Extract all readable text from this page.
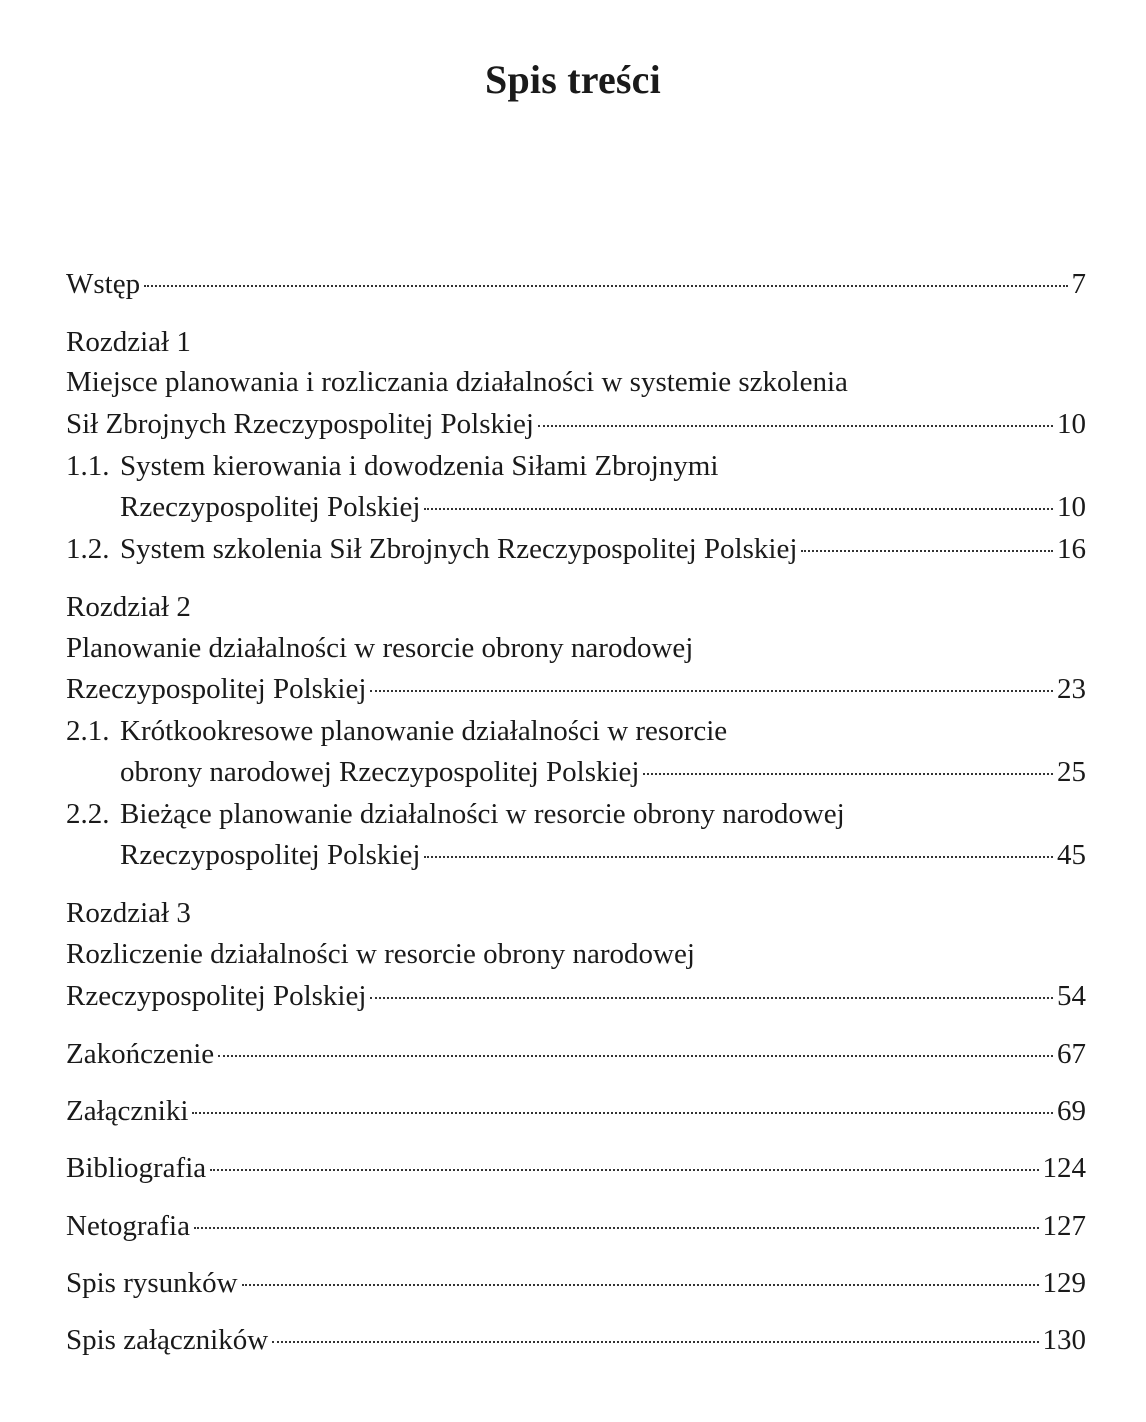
Spis treści
Wstęp	7
Rozdział 1
Miejsce planowania i rozliczania działalności w systemie szkolenia
Sił Zbrojnych Rzeczypospolitej Polskiej	10
1.1. System kierowania i dowodzenia Siłami Zbrojnymi
Rzeczypospolitej Polskiej	10
1.2. System szkolenia Sił Zbrojnych Rzeczypospolitej Polskiej	16
Rozdział 2
Planowanie działalności w resorcie obrony narodowej
Rzeczypospolitej Polskiej	23
2.1. Krótkookresowe planowanie działalności w resorcie
obrony narodowej Rzeczypospolitej Polskiej	25
2.2. Bieżące planowanie działalności w resorcie obrony narodowej
Rzeczypospolitej Polskiej	45
Rozdział 3
Rozliczenie działalności w resorcie obrony narodowej
Rzeczypospolitej Polskiej	54
Zakończenie	67
Załączniki	69
Bibliografia	124
Netografia	127
Spis rysunków	129
Spis załączników	130
